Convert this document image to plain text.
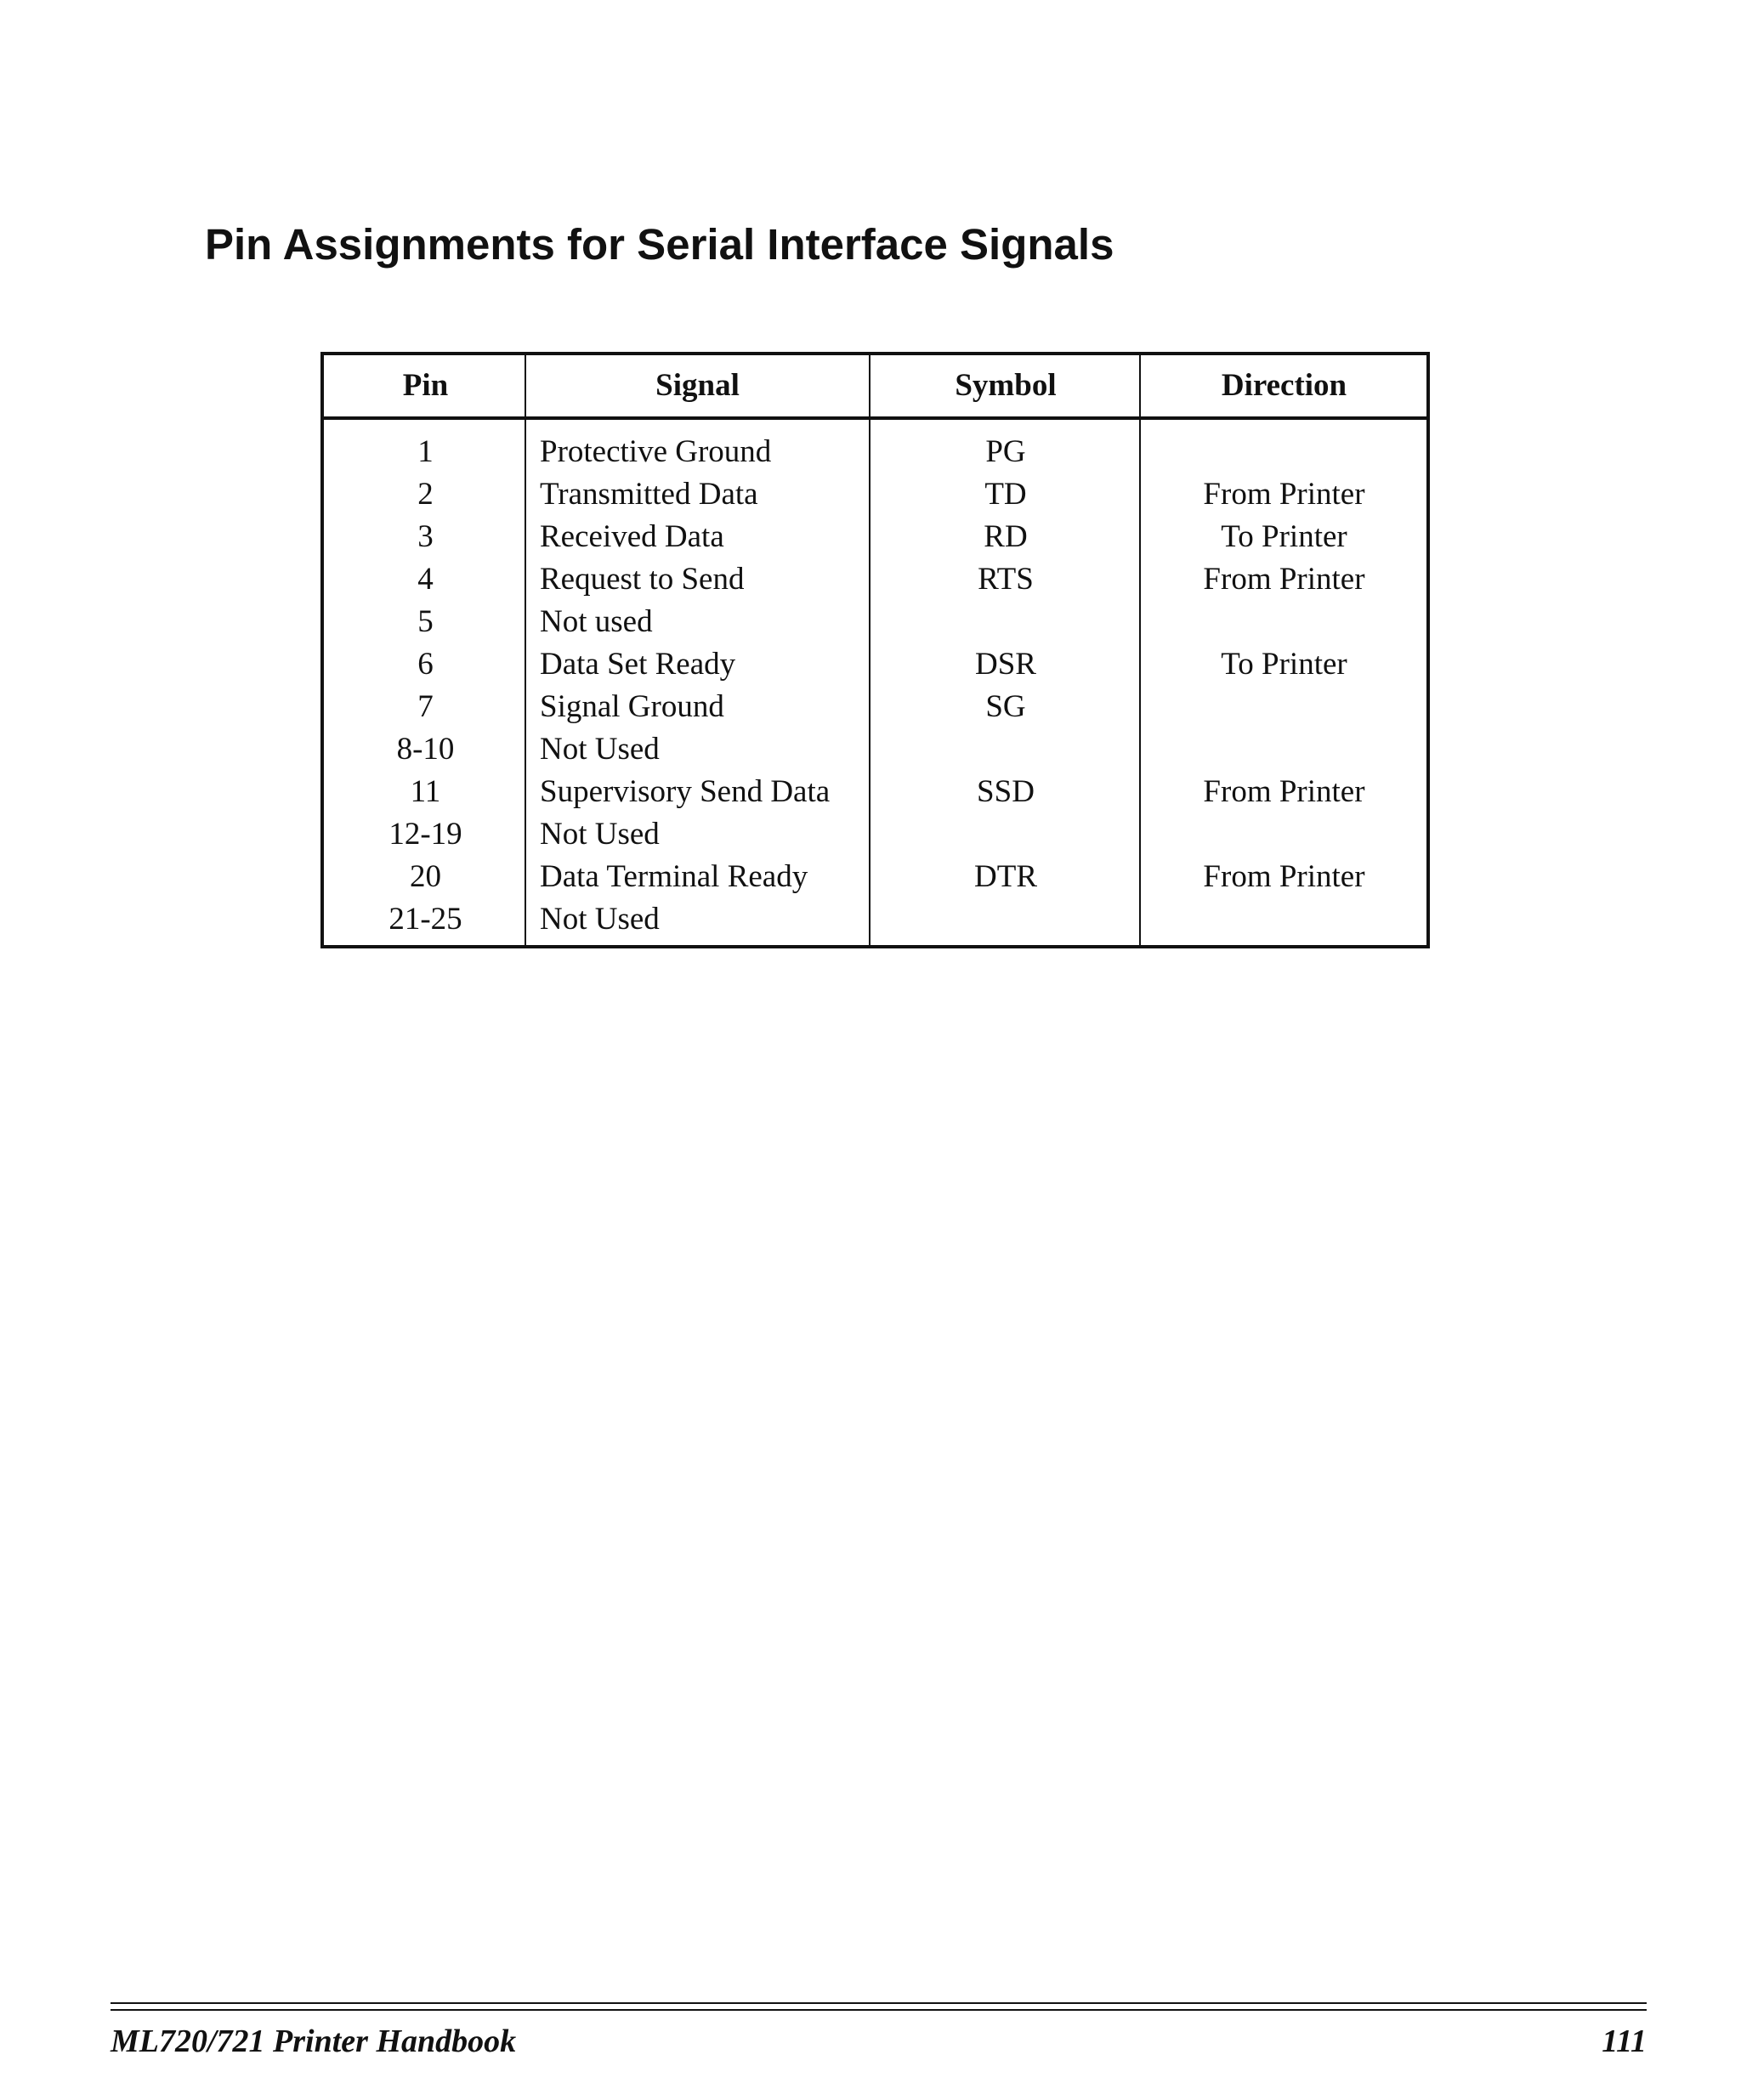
Pin Assignments for Serial Interface Signals
Pin	Signal	Symbol	Direction
1	Protective Ground	PG
2	Transmitted Data	TD	From Printer
3	Received Data	RD	To Printer
4	Request to Send	RTS	From Printer
5	Not used
6	Data Set Ready	DSR	To Printer
7	Signal Ground	SG
8-10	Not Used
11	Supervisory Send Data	SSD	From Printer
12-19	Not Used
20	Data Terminal Ready	DTR	From Printer
21-25	Not Used
ML720/721 Printer Handbook	111
